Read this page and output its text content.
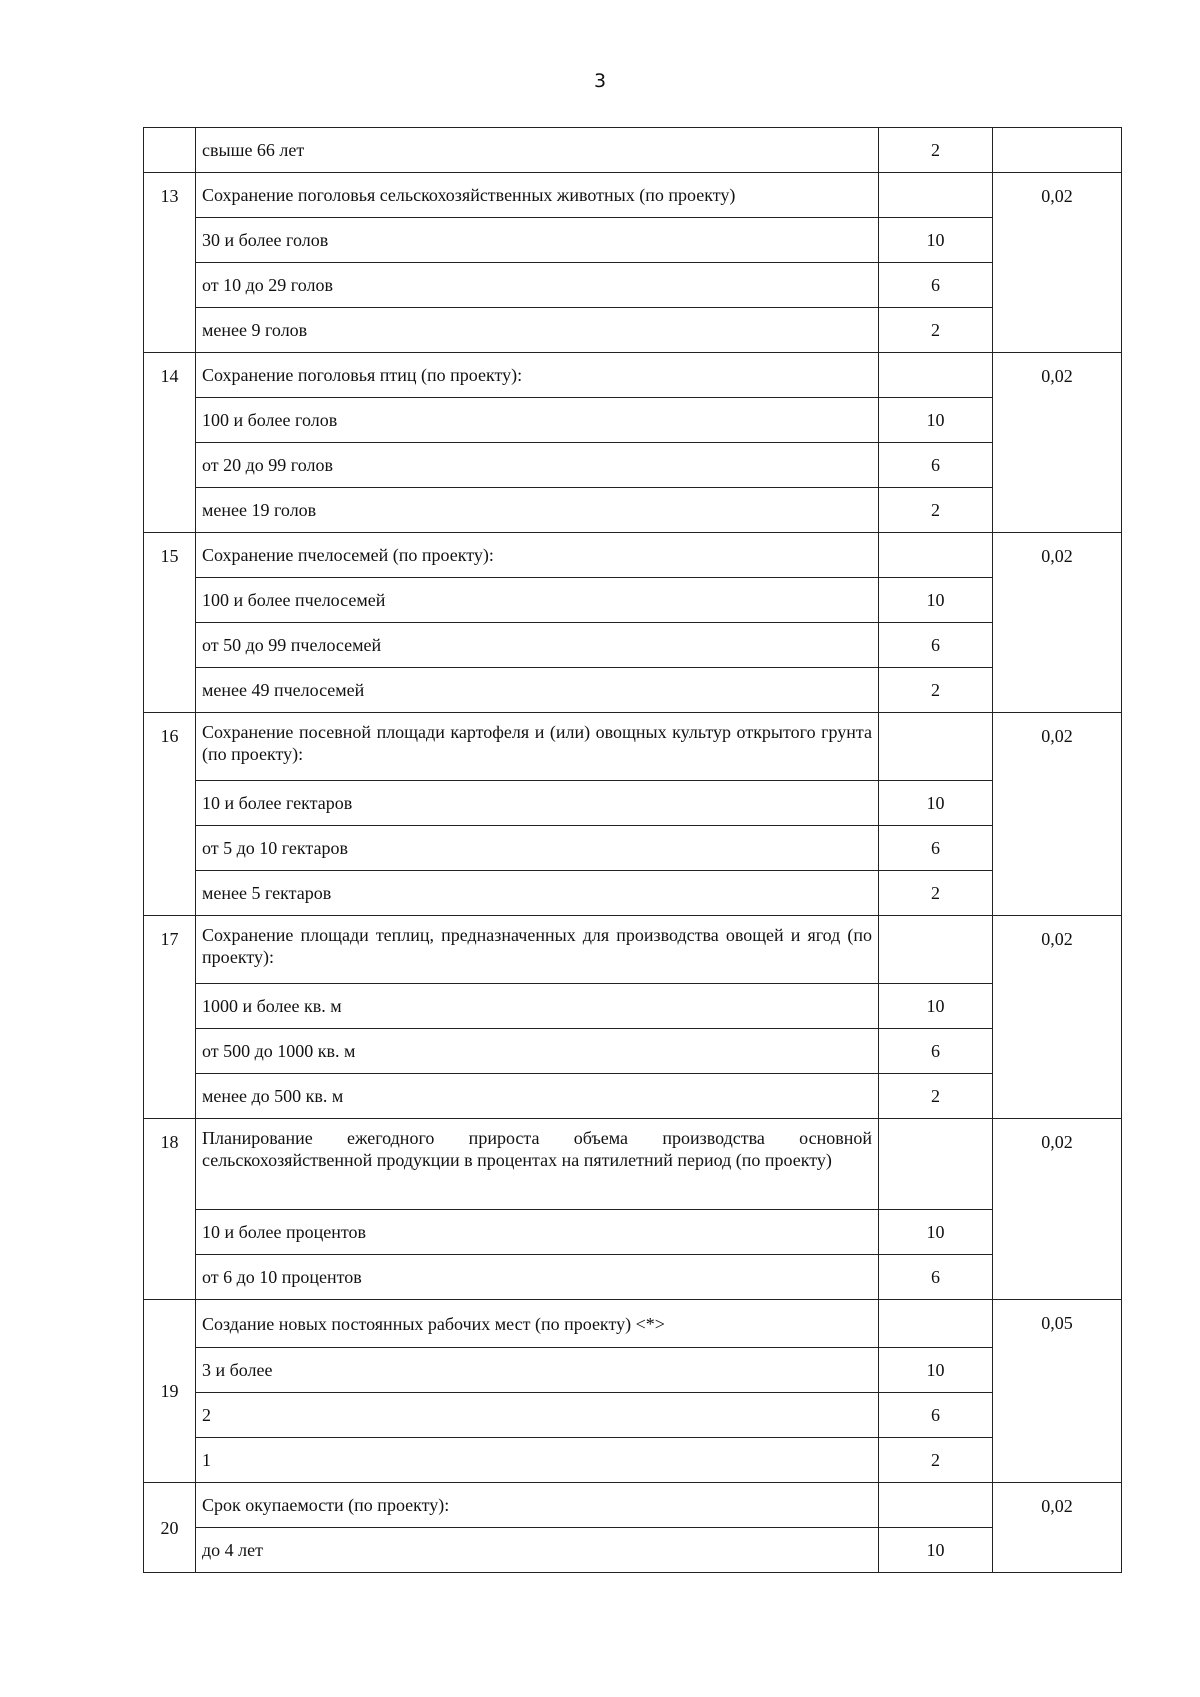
3
	свыше 66 лет	2	
13	Сохранение поголовья сельскохозяйственных животных (по проекту)		0,02
	30 и более голов	10	
	от 10 до 29 голов	6	
	менее 9 голов	2	
14	Сохранение поголовья птиц (по проекту):		0,02
	100 и более голов	10	
	от 20 до 99 голов	6	
	менее 19 голов	2	
15	Сохранение пчелосемей (по проекту):		0,02
	100 и более пчелосемей	10	
	от 50 до 99 пчелосемей	6	
	менее 49 пчелосемей	2	
16	Сохранение посевной площади картофеля и (или) овощных культур открытого грунта (по проекту):		0,02
	10 и более гектаров	10	
	от 5 до 10 гектаров	6	
	менее 5 гектаров	2	
17	Сохранение площади теплиц, предназначенных для производства овощей и ягод (по проекту):		0,02
	1000 и более кв. м	10	
	от 500 до 1000 кв. м	6	
	менее до 500 кв. м	2	
18	Планирование ежегодного прироста объема производства основной сельскохозяйственной продукции в процентах на пятилетний период (по проекту)		0,02
	10 и более процентов	10	
	от 6 до 10 процентов	6	
19	Создание новых постоянных рабочих мест (по проекту) <*>		0,05
	3 и более	10	
	2	6	
	1	2	
20	Срок окупаемости (по проекту):		0,02
	до 4 лет	10	
